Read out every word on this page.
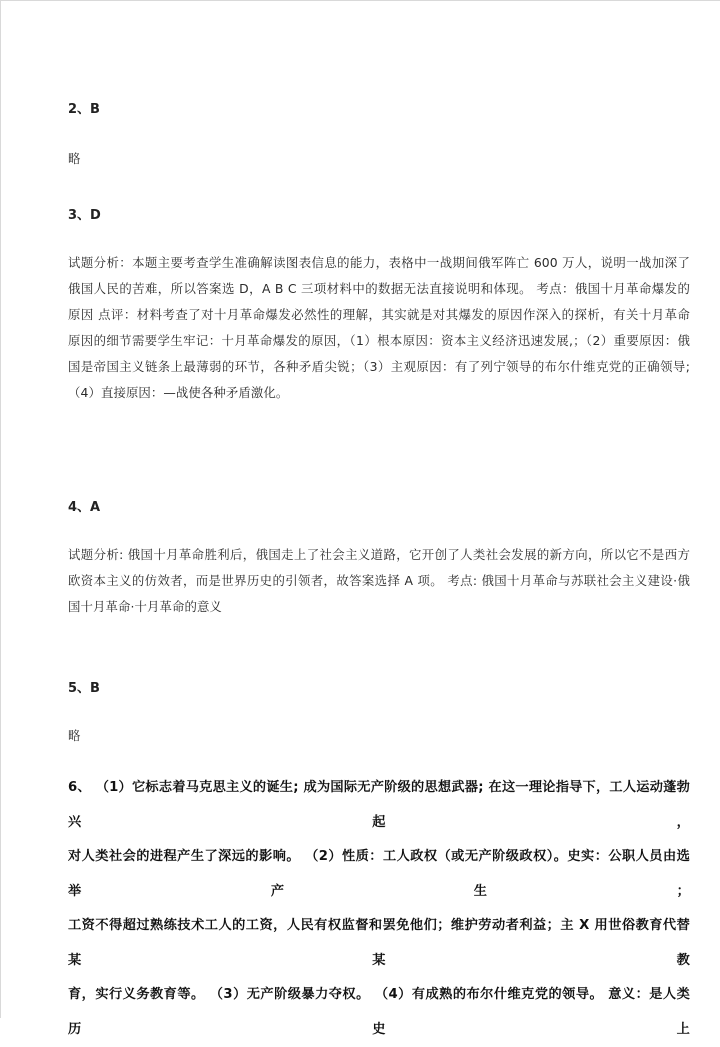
2、B
略
3、D
试题分析：本题主要考查学生准确解读图表信息的能力，表格中一战期间俄军阵亡 600 万人，说明一战加深了
俄国人民的苦难，所以答案选 D，A B C 三项材料中的数据无法直接说明和体现。 考点：俄国十月革命爆发的
原因 点评：材料考查了对十月革命爆发必然性的理解，其实就是对其爆发的原因作深入的探析，有关十月革命
原因的细节需要学生牢记：十月革命爆发的原因，（1）根本原因：资本主义经济迅速发展,；（2）重要原因：俄
国是帝国主义链条上最薄弱的环节，各种矛盾尖锐；（3）主观原因：有了列宁领导的布尔什维克党的正确领导;
（4）直接原因：—战使各种矛盾激化。
4、A
试题分析: 俄国十月革命胜利后，俄国走上了社会主义道路，它开创了人类社会发展的新方向，所以它不是西方
欧资本主义的仿效者，而是世界历史的引领者，故答案选择 A 项。 考点: 俄国十月革命与苏联社会主义建设·俄
国十月革命·十月革命的意义
5、B
略
6、 （1）它标志着马克思主义的诞生; 成为国际无产阶级的思想武器; 在这一理论指导下，工人运动蓬勃兴起，
对人类社会的进程产生了深远的影响。 （2）性质：工人政权（或无产阶级政权）。史实：公职人员由选举产生；
工资不得超过熟练技术工人的工资，人民有权监督和罢免他们；维护劳动者利益；主 X 用世俗教育代替某某教
育，实行义务教育等。 （3）无产阶级暴力夺权。 （4）有成熟的布尔什维克党的领导。 意义：是人类历史上
